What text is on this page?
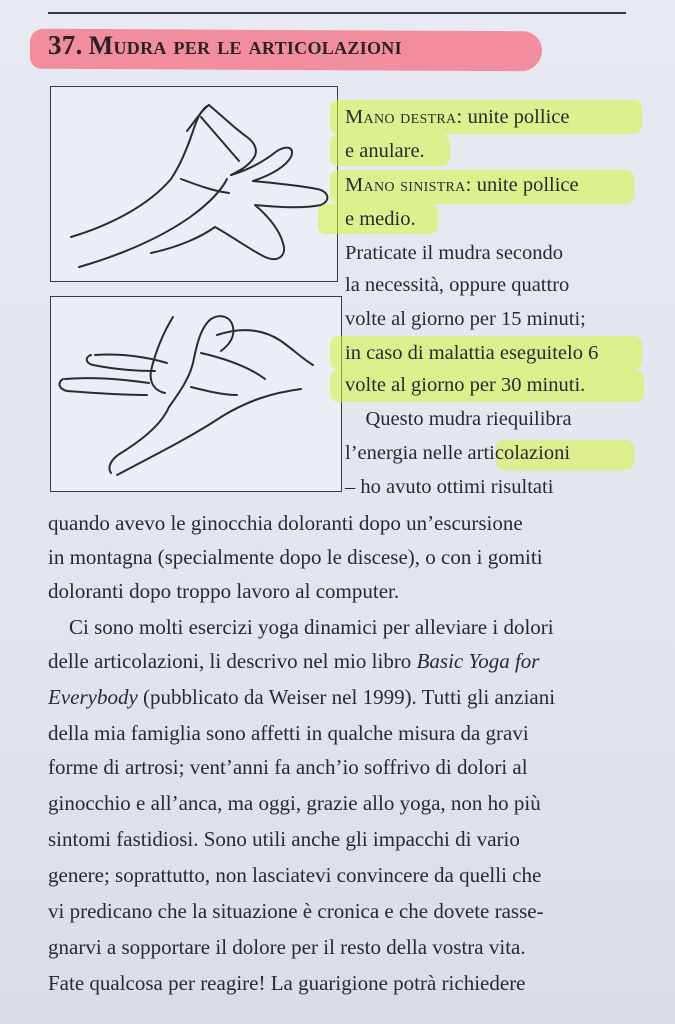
37. Mudra per le articolazioni
Mano destra: unite pollice
e anulare.
Mano sinistra: unite pollice
e medio.
Praticate il mudra secondo
la necessità, oppure quattro
volte al giorno per 15 minuti;
in caso di malattia eseguitelo 6
volte al giorno per 30 minuti.
Questo mudra riequilibra
l’energia nelle articolazioni
– ho avuto ottimi risultati
quando avevo le ginocchia doloranti dopo un’escursione
in montagna (specialmente dopo le discese), o con i gomiti
doloranti dopo troppo lavoro al computer.
Ci sono molti esercizi yoga dinamici per alleviare i dolori
delle articolazioni, li descrivo nel mio libro Basic Yoga for
Everybody (pubblicato da Weiser nel 1999). Tutti gli anziani
della mia famiglia sono affetti in qualche misura da gravi
forme di artrosi; vent’anni fa anch’io soffrivo di dolori al
ginocchio e all’anca, ma oggi, grazie allo yoga, non ho più
sintomi fastidiosi. Sono utili anche gli impacchi di vario
genere; soprattutto, non lasciatevi convincere da quelli che
vi predicano che la situazione è cronica e che dovete rasse-
gnarvi a sopportare il dolore per il resto della vostra vita.
Fate qualcosa per reagire! La guarigione potrà richiedere
